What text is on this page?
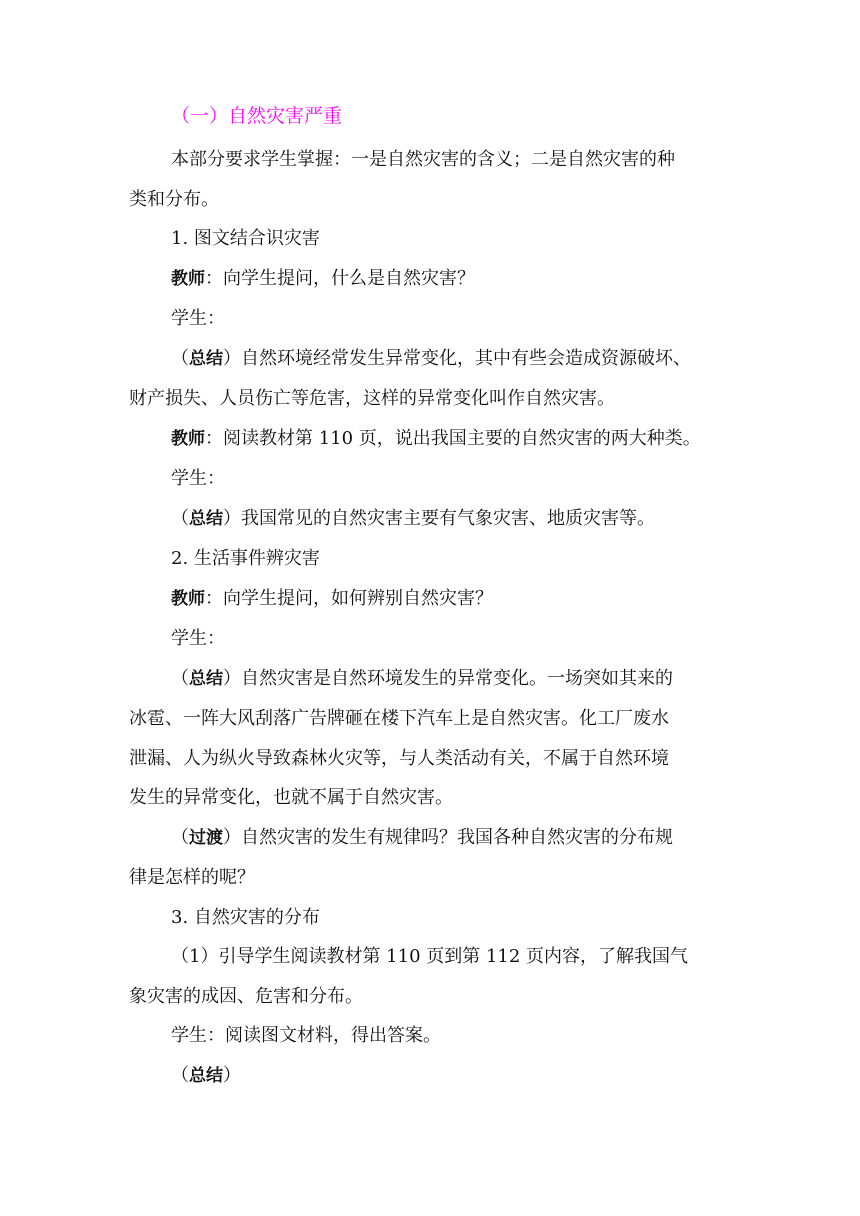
（一）自然灾害严重

本部分要求学生掌握：一是自然灾害的含义；二是自然灾害的种
类和分布。

1. 图文结合识灾害

教师：向学生提问，什么是自然灾害？

学生：

（总结）自然环境经常发生异常变化，其中有些会造成资源破坏、
财产损失、人员伤亡等危害，这样的异常变化叫作自然灾害。

教师：阅读教材第 110 页，说出我国主要的自然灾害的两大种类。

学生：

（总结）我国常见的自然灾害主要有气象灾害、地质灾害等。

2. 生活事件辨灾害

教师：向学生提问，如何辨别自然灾害？

学生：

（总结）自然灾害是自然环境发生的异常变化。一场突如其来的
冰雹、一阵大风刮落广告牌砸在楼下汽车上是自然灾害。化工厂废水
泄漏、人为纵火导致森林火灾等，与人类活动有关，不属于自然环境
发生的异常变化，也就不属于自然灾害。

（过渡）自然灾害的发生有规律吗？我国各种自然灾害的分布规
律是怎样的呢？

3. 自然灾害的分布

（1）引导学生阅读教材第 110 页到第 112 页内容，了解我国气
象灾害的成因、危害和分布。

学生：阅读图文材料，得出答案。

（总结）
